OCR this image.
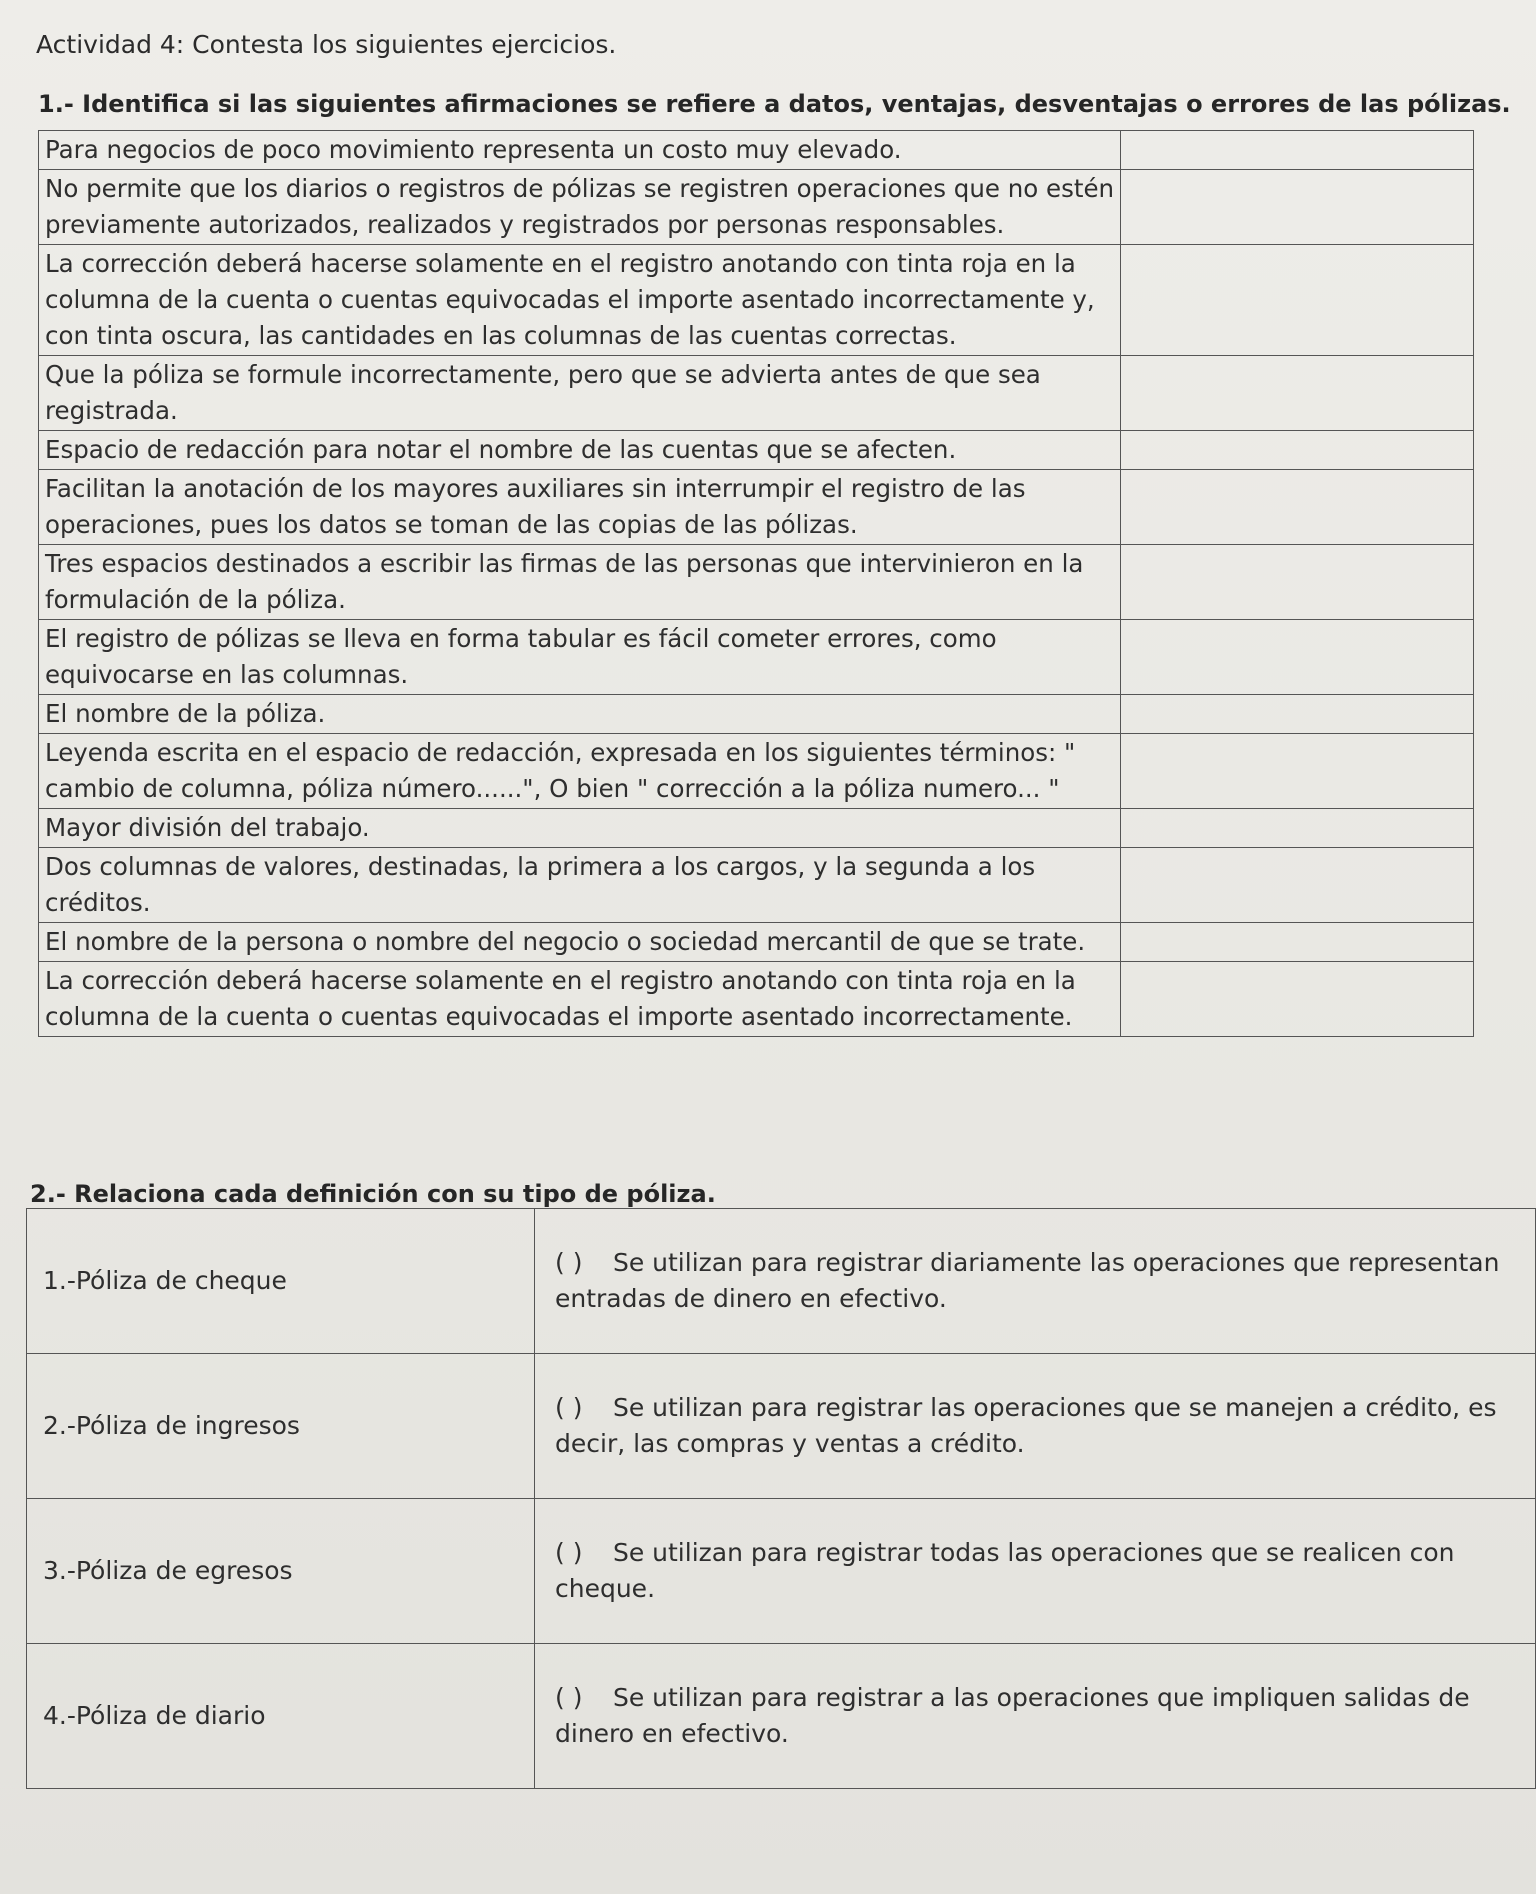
Actividad 4: Contesta los siguientes ejercicios.
1.- Identifica si las siguientes afirmaciones se refiere a datos, ventajas, desventajas o errores de las pólizas.
Para negocios de poco movimiento representa un costo muy elevado.	
No permite que los diarios o registros de pólizas se registren operaciones que no estén previamente autorizados, realizados y registrados por personas responsables.	
La corrección deberá hacerse solamente en el registro anotando con tinta roja en la columna de la cuenta o cuentas equivocadas el importe asentado incorrectamente y, con tinta oscura, las cantidades en las columnas de las cuentas correctas.	
Que la póliza se formule incorrectamente, pero que se advierta antes de que sea registrada.	
Espacio de redacción para notar el nombre de las cuentas que se afecten.	
Facilitan la anotación de los mayores auxiliares sin interrumpir el registro de las operaciones, pues los datos se toman de las copias de las pólizas.	
Tres espacios destinados a escribir las firmas de las personas que intervinieron en la formulación de la póliza.	
El registro de pólizas se lleva en forma tabular es fácil cometer errores, como equivocarse en las columnas.	
El nombre de la póliza.	
Leyenda escrita en el espacio de redacción, expresada en los siguientes términos: " cambio de columna, póliza número......", O bien " corrección a la póliza numero... "	
Mayor división del trabajo.	
Dos columnas de valores, destinadas, la primera a los cargos, y la segunda a los créditos.	
El nombre de la persona o nombre del negocio o sociedad mercantil de que se trate.	
La corrección deberá hacerse solamente en el registro anotando con tinta roja en la columna de la cuenta o cuentas equivocadas el importe asentado incorrectamente.	
2.- Relaciona cada definición con su tipo de póliza.
1.-Póliza de cheque	( ) Se utilizan para registrar diariamente las operaciones que representan entradas de dinero en efectivo.
2.-Póliza de ingresos	( ) Se utilizan para registrar las operaciones que se manejen a crédito, es decir, las compras y ventas a crédito.
3.-Póliza de egresos	( ) Se utilizan para registrar todas las operaciones que se realicen con cheque.
4.-Póliza de diario	( ) Se utilizan para registrar a las operaciones que impliquen salidas de dinero en efectivo.
